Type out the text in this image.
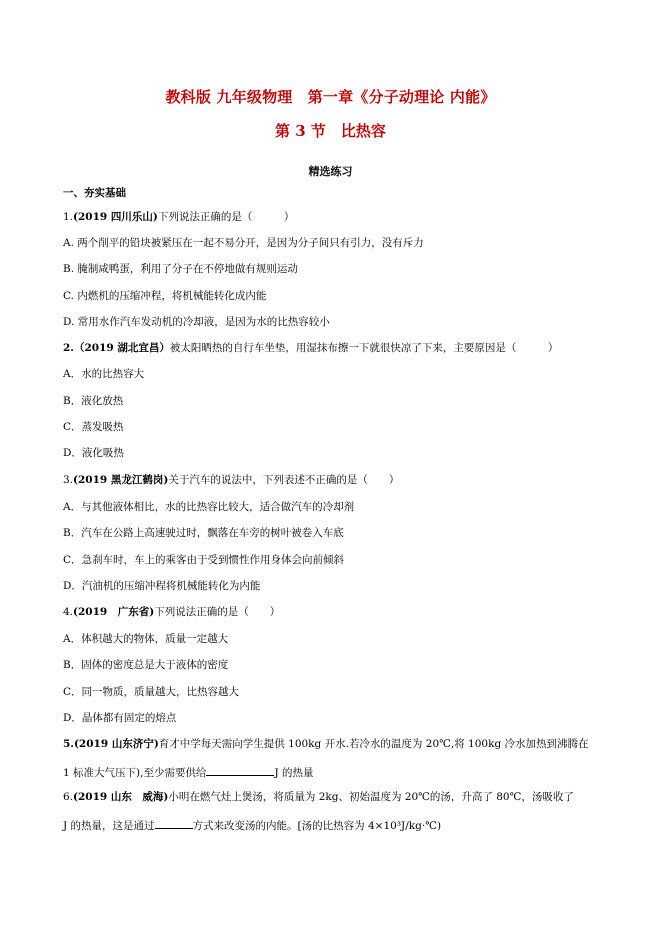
教科版 九年级物理　第一章《分子动理论 内能》
第 3 节　比热容
精选练习
一、夯实基础
1.(2019 四川乐山)下列说法正确的是（　　　）
A. 两个削平的铅块被紧压在一起不易分开，是因为分子间只有引力，没有斥力
B. 腌制咸鸭蛋，利用了分子在不停地做有规则运动
C. 内燃机的压缩冲程，将机械能转化成内能
D. 常用水作汽车发动机的冷却液，是因为水的比热容较小
2.（2019 湖北宜昌）被太阳晒热的自行车坐垫，用湿抹布擦一下就很快凉了下来，主要原因是（　　　）
A．水的比热容大
B．液化放热
C．蒸发吸热
D．液化吸热
3.(2019 黑龙江鹤岗)关于汽车的说法中，下列表述不正确的是（　　）
A．与其他液体相比，水的比热容比较大，适合做汽车的冷却剂
B．汽车在公路上高速驶过时，飘落在车旁的树叶被卷入车底
C．急刹车时，车上的乘客由于受到惯性作用身体会向前倾斜
D．汽油机的压缩冲程将机械能转化为内能
4.(2019　广东省)下列说法正确的是（　　）
A．体积越大的物体，质量一定越大
B．固体的密度总是大于液体的密度
C．同一物质，质量越大，比热容越大
D．晶体都有固定的熔点
5.(2019 山东济宁)育才中学每天需向学生提供 100kg 开水.若冷水的温度为 20℃,将 100kg 冷水加热到沸腾在
1 标准大气压下),至少需要供给	J 的热量
6.(2019 山东　威海)小明在燃气灶上煲汤，将质量为 2kg、初始温度为 20℃的汤，升高了 80℃，汤吸收了
J 的热量，这是通过	方式来改变汤的内能。[汤的比热容为 4×10³J/kg·℃)
